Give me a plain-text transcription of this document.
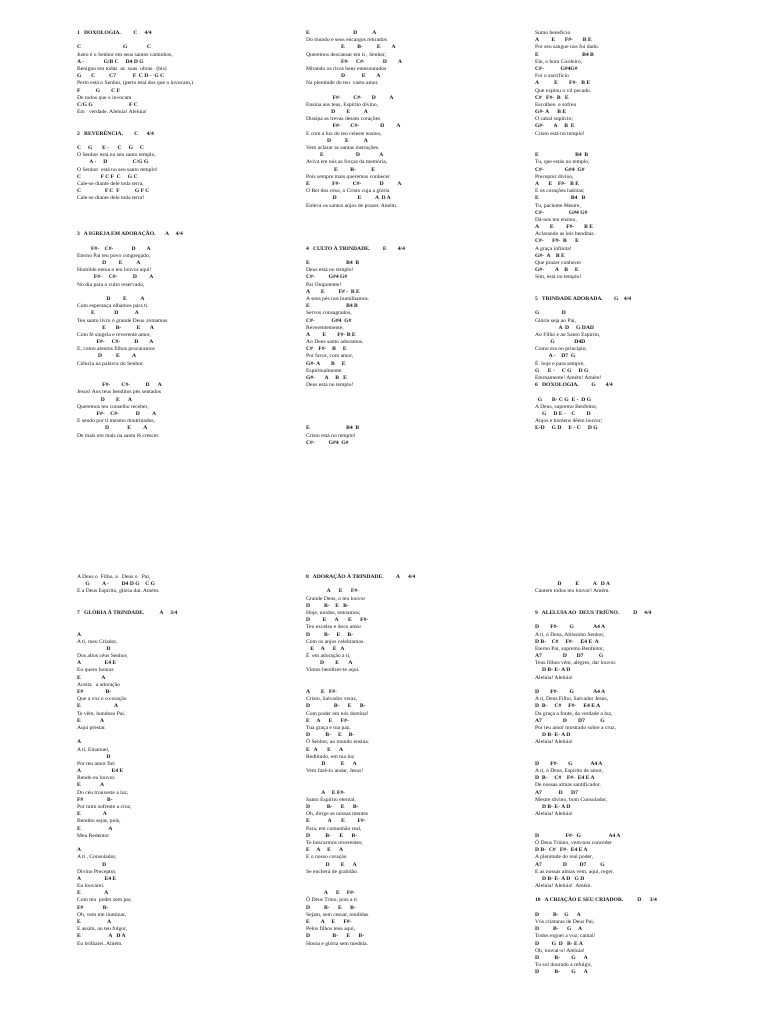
1   DOXOLOGIA.         C     4/4
C                              G              C
Justo é o Senhor em seus santos caminhos,
A -              G/B C     D4 D G
Benigno em todas  as  suas  obras.  (bis)
G       C          C7            F  C D -  G C
Perto está o Senhor, (perto está dos que o invocam,)
F           G        C F
De todos que o invocam
C/G G                          F C
Em   verdade. Aleluia! Aleluia!
2   REVERÊNCIA.        C      4/4
C     G       E -      C     G     C
O Senhor está no seu santo templo,
A -     D                  C/G G
O Senhor  está no seu santo templo!
C              F C F  C     G C
Cale-se diante dele toda terra,
C                 F C  F           G F C
Cale-se diante dele toda terra!
3   A IGREJA EM ADORAÇÃO.       A     4/4
F#-    C#-             D        A
Eterno Pai teu povo congregado,
D         E          A
Humilde entoa o teu louvor aqui!
F#-     C#-           D         A
No dia para o culto reservado,
D         E          A
Com esperança olhamos para ti.
E              D            A
Teu santo livro ó grande Deus ,tomamos
E       B-           E       A
Com fé singela e reverente amor,
F#-     C#-          D        A
E, como atentos filhos procuramos
D          E         A
Ciência na palavra do Senhor.
F#-        C#-           D      A
Jesus! Aos teus benditos pés sentados
D        E      A
Queremos teu conselho receber,
F#-    C#-            D         A
E sendo por ti mesmo doutrinados,
D             E         A
De mais em mais na santa fé crescer.
E                               D           A
Do mundo e seus encargos retirados
E         B-          E        A
Queremos descansar em ti , Senhor,
F#-     C#-             D        A
Mirando os ricos bens entesourados
D            E        A
Na plenitude do teu  vasto amor.
F#-         C#-       D          A
Ensina aos teus, Espírito divino,
D        E          A
Dissipa as trevas desses corações
F#-       C#-               D         A
E com a luz do teu celeste ensino,
D          E           A
Vem aclarar as santas instruções.
E                       D              A
Aviva em nós as forças da memória,
E         B-           E
Pois sempre mais queremos conhecer
E                F#-         C#-             D          A
O Rei dos céus, o Cristo cuja a glória
D               E          A  D A
Enleva os santos anjos de prazer. Amém.
4   CULTO À TRINDADE.         E        4/4
E                          B4  B
Deus está no templo!
C#-          G#4 G#
Pai Onipotente!
A        E          F# -  B E
A seus pés nos humilhamos.
E                          B4 B
Servos consagrados,
C#-            G#4  G#
Reverentemente,
A         E        F#- B E
Ao Deus santo adoramos.
C#    F#-    B     E
Por favor, com amor,
G#- A        B     E
Espiritualmente
G#-       A     B   E
Deus está no templo!
E                          B4  B
Cristo está no templo!
C#-          G#4  G#
Sumo benefício
A         E       F#-       B E
Por seu sangue nos foi dado.
E                               B4 B
Ele, o bom Cordeiro,
C#-            G#4G#
Foi o sacrifício
A           E        F#-   B E
Que expiou o vil pecado.
C#   F#-  B   E
Escolheu  e sofreu
G#- A      B E
O cabal suplício;
G#-       A     B  E
Cristo está no templo!
E                          B4  B
Tu, que estás no templo,
C#-               G#4  G#
Preceptor divino,
A       E    F#-   B E
E os corações habitas;
E                       B4   B
Tu, paciente Mestre,
C#-                  G#4 G#
Dá-nos teu ensino,
A        E         F#-       B E
Aclarando as leis benditas.
C#-      F#-  B      E
A graça infinita!
G#-  A    B E
Que prazer conhecer
G#-        A    B     E
Sim, está no templo!
5   TRINDADE ADORADA.        G    4/4
G                D
Glória seja ao Pai,
A  D     G DAD
Ao Filho e ao Santo Espírito,
G              D4D
Como era no princípio,
A -    D7  G
É  hoje e para sempre,
G      E -     C G     D G
Eternamente! Amém! Amém!
6   DOXOLOGIA.         G       4/4
G       B- C G  E -  D G
A Deus, supremo Benfeitor,
G     D E -    C        D
Anjos e homens dêem louvor;
E-D     G D     E - C     D G
A Deus o  Filho, a   Deus o   Pai,
G         A -         D4 D G    C G
E a Deus Espírito, glória dai. Amém.
7   GLÓRIA À TRINDADE.           A     3/4
A
A ti, meu Criador,
D
Dos altos céus Senhor,
A                 E4 E
Eu quero honrar.
E               A
Aceita   a adoração
F#                B-
Que a voz e o coração
E                        A
Te vêm, bondoso Pai,
E              A
Aqui prestar.
A
A ti, Emanuel,
D
Por teu amor fiel
A                      E4 E
Rendo eu louvor.
E              A
Do céu trouxeste a luz,
F#                 B-
Por mim sofreste a cruz,
E                A
Bendito sejas, pois,
E                    A
Meu Redentor
A
A ti , Consolador,
D
Divino Preceptor,
A                 E4 E
Eu louvarei.
E                 A
Com teu  poder sem par,
F#              B-
Oh, vem me iluminar,
E                   A
E assim, ao teu fulgor,
E                    A   D A
Eu brilharei. Amém.
8   ADORAÇÃO À TRINDADE.         A      4/4
A      E      F#-
Grande Deus, o teu louvor
D          B-    E   B-
Hoje, unidos, entoamos;
D         E      A       E      F#-
Teu excelso e doce amor
D          B-     E     B-
Com os anjos celebramos.
E     A      E   A
É  em adoração a ti,
D        E       A
Vimos bendizer-te aqui.
A        E   F#-
Cristo, Salvador veraz,
D                 B-      E      B-
Com poder em nós domina!
E     A      E      F#-
Tua graça e tua paz,
D           B-     E     B-
Ó Senhor, ao mundo ensina.
E   A       E      A
Redimido, em tua luz
D           E      A
Vem fazê-lo andar, Jesus!
A     E F#-
Santo Espírito eternal,
D            B-      E      B-
Oh, dirige as nossas mentes
E             A       E         F#-
Para, em comunhão real,
D           B-      E      B-
Te buscarmos reverentes;
E     A     E      A
E o nosso coração
D        E      A
Se encherá de gratidão.
A      E     F#-
Ó Deus Trino, pois a ti
D          B-      E      B-
Sejam, sem cessar, rendidas
E        A     E      F#-
Pelos filhos teus aqui,
D                B-      E      B-
Honra e glória sem medida.
D          E          A   D A
Cantem todos teu louvor! Amém.
9   ALELUIA AO  DEUS TRIÚNO.          D     4/4
D        F#-        G              A4 A
A ti, ó Deus, Altíssimo Senhor,
D B-    C#     F#-     E4 E  A
Eterno Pai, supremo Benfeitor,
A7               D       D7           G
Teus filhos vêm, alegres, dar louvor.
D B- E- A D
Aleluia! Aleluia!
D        F#-        G              A4 A
A ti, Deus Filho, Salvador Jesus,
D  B-     C#     F#-     E4 E A
Da graça a fonte, da verdade a luz,
A7               D        D7           G
Por teu amor mostrado sobre a cruz,
D B- E- A D
Aleluia! Aleluia!
D        F#-       G             A4 A
A ti, ó Deus, Espírito de amor,
D  B-     C#    F#-  E4 E A
De nossas almas santificador.
A7            D      D7
Mestre divino, bom Consolador,
D B- E- A D
Aleluia! Aleluia!
D                   F#-  G                    A4 A
Ó Deus Triúno, vem-nos conceder
D B-  C#   F#-  E4 E A
A plenitude do real poder,
A7               D         D7          G
E as nossas almas vem, aqui, reger.
D B- E- A D   G D
Aleluia! Aleluia!  Amém.
10   A CRIAÇÃO E SEU CRIADOR.          D      3/4
D          B-    G      A
Vós criaturas de Deus Pai,
D          B-      G     A
Todos erguei a voz, cantai!
D         G  D   B- E A
Oh, louvai-o! Aleluia!
D           B-        G      A
Tu sol dourado a refulgir,
D           B-        G      A
